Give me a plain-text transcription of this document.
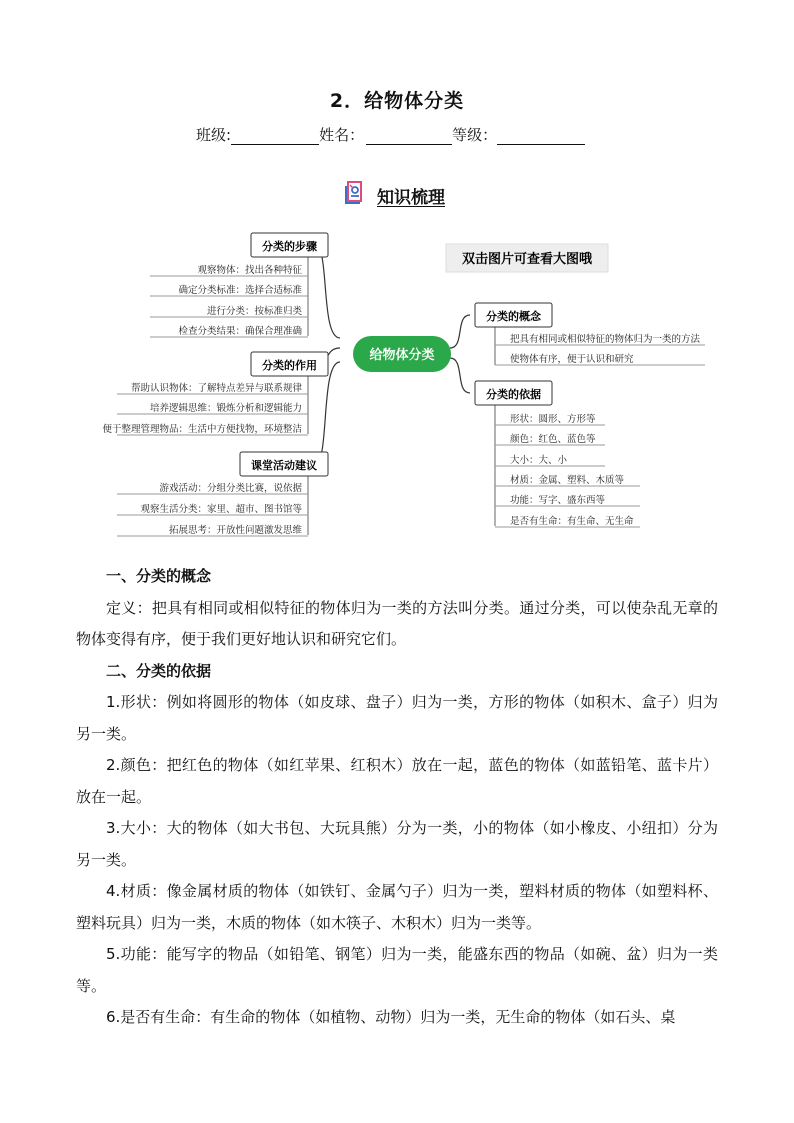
2．给物体分类
班级:	姓名：	等级：
知识梳理
双击图片可查看大图哦
给物体分类
分类的步骤
分类的作用
课堂活动建议
分类的概念
分类的依据
观察物体：找出各种特征
确定分类标准：选择合适标准
进行分类：按标准归类
检查分类结果：确保合理准确
帮助认识物体：了解特点差异与联系规律
培养逻辑思维：锻炼分析和逻辑能力
便于整理管理物品：生活中方便找物，环境整洁
游戏活动：分组分类比赛，说依据
观察生活分类：家里、超市、图书馆等
拓展思考：开放性问题激发思维
把具有相同或相似特征的物体归为一类的方法
使物体有序，便于认识和研究
形状：圆形、方形等
颜色：红色、蓝色等
大小：大、小
材质：金属、塑料、木质等
功能：写字、盛东西等
是否有生命：有生命、无生命

一、分类的概念

定义：把具有相同或相似特征的物体归为一类的方法叫分类。通过分类，可以使杂乱无章的物体变得有序，便于我们更好地认识和研究它们。

二、分类的依据

1.形状：例如将圆形的物体（如皮球、盘子）归为一类，方形的物体（如积木、盒子）归为另一类。

2.颜色：把红色的物体（如红苹果、红积木）放在一起，蓝色的物体（如蓝铅笔、蓝卡片）放在一起。

3.大小：大的物体（如大书包、大玩具熊）分为一类，小的物体（如小橡皮、小纽扣）分为另一类。

4.材质：像金属材质的物体（如铁钉、金属勺子）归为一类，塑料材质的物体（如塑料杯、塑料玩具）归为一类，木质的物体（如木筷子、木积木）归为一类等。

5.功能：能写字的物品（如铅笔、钢笔）归为一类，能盛东西的物品（如碗、盆）归为一类等。

6.是否有生命：有生命的物体（如植物、动物）归为一类，无生命的物体（如石头、桌
